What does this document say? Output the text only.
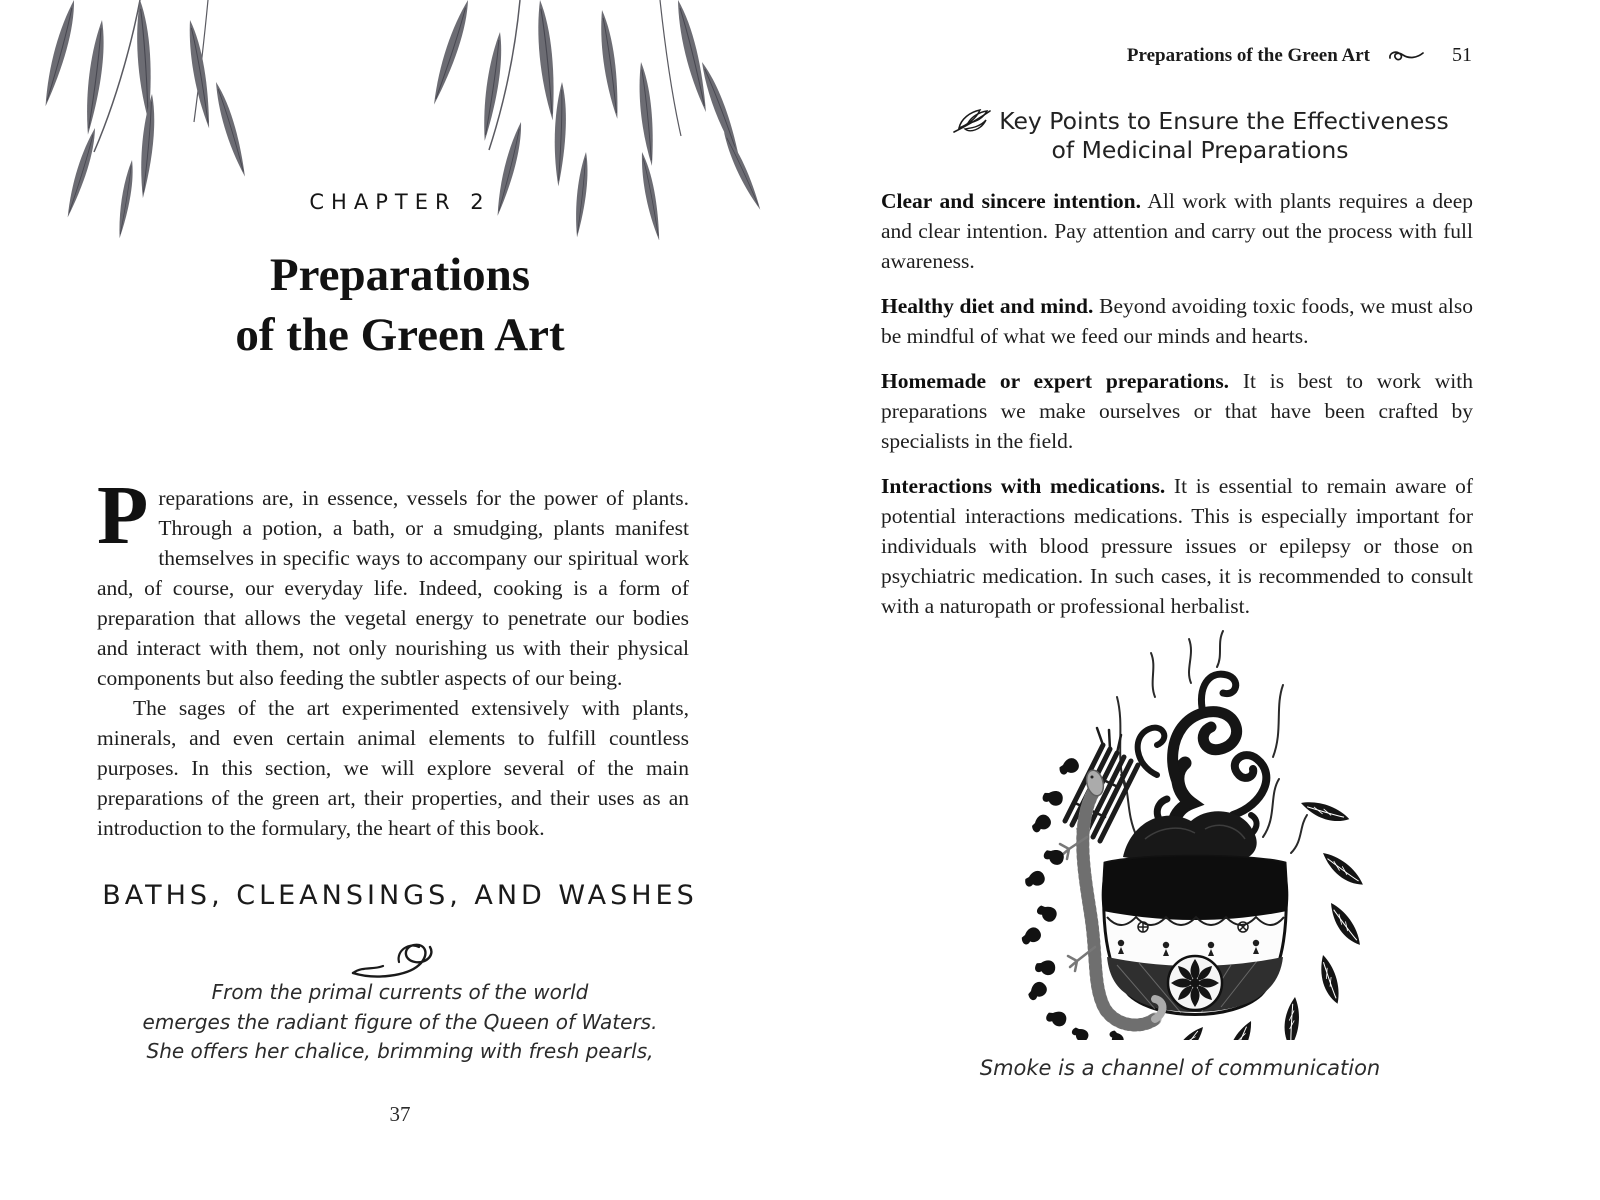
CHAPTER 2
Preparations
of the Green Art

Preparations are, in essence, vessels for the power of plants. Through a potion, a bath, or a smudging, plants manifest themselves in specific ways to accompany our spiritual work and, of course, our everyday life. Indeed, cooking is a form of preparation that allows the vegetal energy to penetrate our bodies and interact with them, not only nourishing us with their physical components but also feeding the subtler aspects of our being.

The sages of the art experimented extensively with plants, minerals, and even certain animal elements to fulfill countless purposes. In this section, we will explore several of the main preparations of the green art, their properties, and their uses as an introduction to the formulary, the heart of this book.

BATHS, CLEANSINGS, AND WASHES
From the primal currents of the world
emerges the radiant figure of the Queen of Waters.
She offers her chalice, brimming with fresh pearls,
37
Preparations of the Green Art	51
Key Points to Ensure the Effectiveness
of Medicinal Preparations

Clear and sincere intention. All work with plants requires a deep and clear intention. Pay attention and carry out the process with full awareness.

Healthy diet and mind. Beyond avoiding toxic foods, we must also be mindful of what we feed our minds and hearts.

Homemade or expert preparations. It is best to work with preparations we make ourselves or that have been crafted by specialists in the field.

Interactions with medications. It is essential to remain aware of potential interactions medications. This is especially important for individuals with blood pressure issues or epilepsy or those on psychiatric medication. In such cases, it is recommended to consult with a naturopath or professional herbalist.

Smoke is a channel of communication
